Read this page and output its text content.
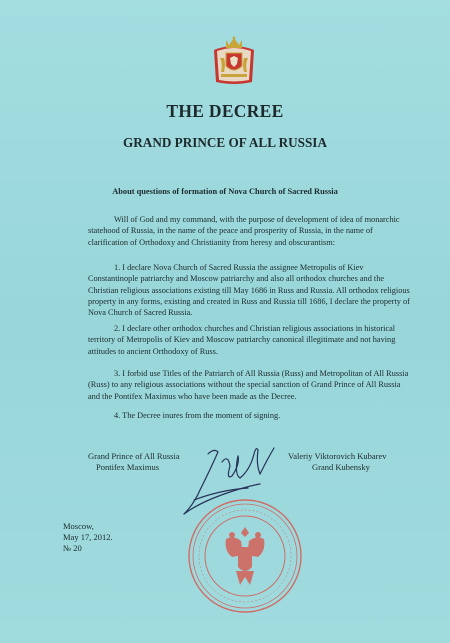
THE DECREE
GRAND PRINCE OF ALL RUSSIA
About questions of formation of Nova Church of Sacred Russia

Will of God and my command, with the purpose of development of idea of monarchic statehood of Russia, in the name of the peace and prosperity of Russia, in the name of clarification of Orthodoxy and Christianity from heresy and obscurantism:

1. I declare Nova Church of Sacred Russia the assignee Metropolis of Kiev Constantinople patriarchy and Moscow patriarchy and also all orthodox churches and the Christian religious associations existing till May 1686 in Russ and Russia. All orthodox religious property in any forms, existing and created in Russ and Russia till 1686, I declare the property of Nova Church of Sacred Russia.

2. I declare other orthodox churches and Christian religious associations in historical territory of Metropolis of Kiev and Moscow patriarchy canonical illegitimate and not having attitudes to ancient Orthodoxy of Russ.

3. I forbid use Titles of the Patriarch of All Russia (Russ) and Metropolitan of All Russia (Russ) to any religious associations without the special sanction of Grand Prince of All Russia and the Pontifex Maximus who have been made as the Decree.

4. The Decree inures from the moment of signing.

Grand Prince of All Russia
Pontifex Maximus
Valeriy Viktorovich Kubarev
Grand Kubensky
Moscow,
May 17, 2012.
№ 20
